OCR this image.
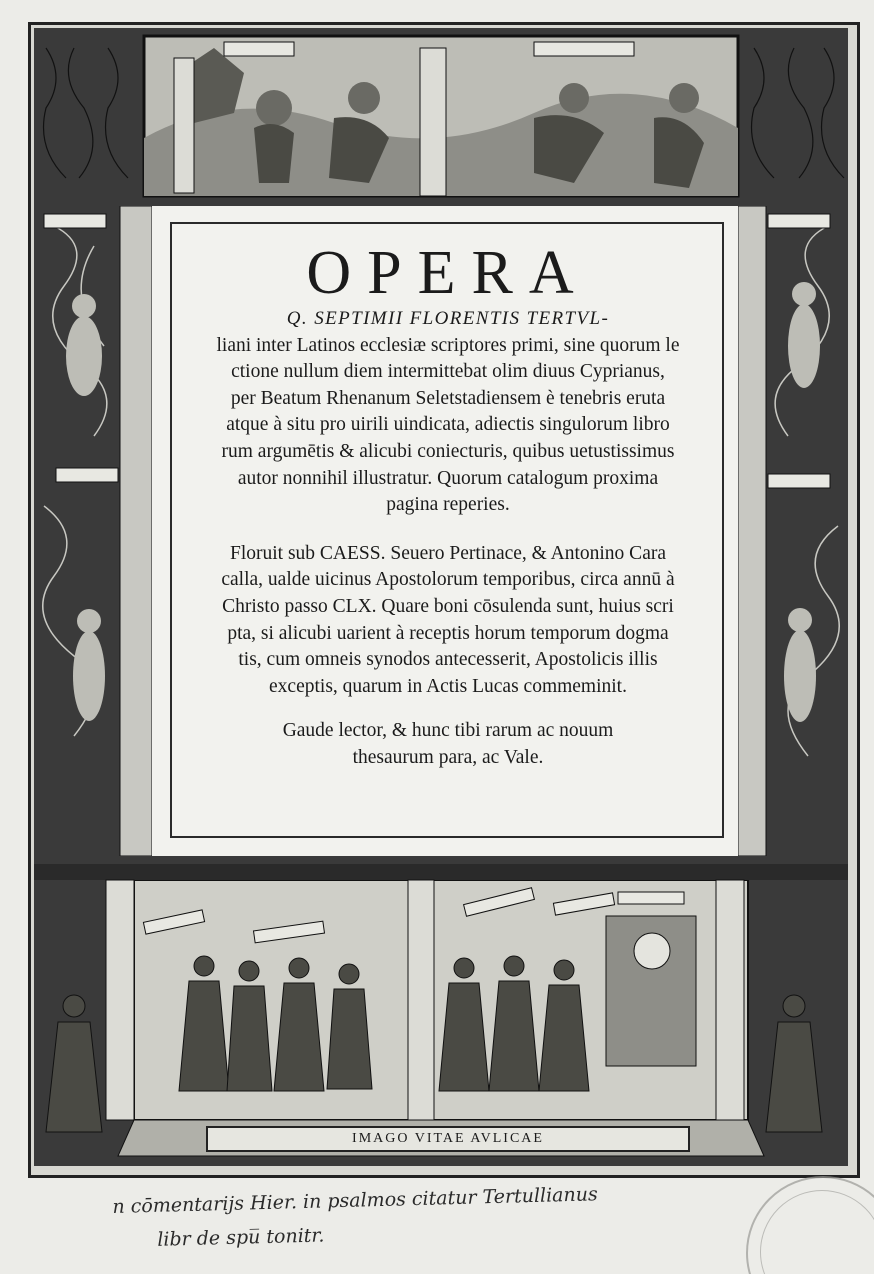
OPERA

Q. SEPTIMII FLORENTIS TERTVL-

liani inter Latinos ecclesiæ scriptores primi, sine quorum le

ctione nullum diem intermittebat olim diuus Cyprianus,

per Beatum Rhenanum Seletstadiensem è tenebris eruta

atque à situ pro uirili uindicata, adiectis singulorum libro

rum argumētis & alicubi coniecturis, quibus uetustissimus

autor nonnihil illustratur. Quorum catalogum proxima

pagina reperies.

Floruit sub CAESS. Seuero Pertinace, & Antonino Cara

calla, ualde uicinus Apostolorum temporibus, circa annū à

Christo passo CLX. Quare boni cōsulenda sunt, huius scri

pta, si alicubi uarient à receptis horum temporum dogma

tis, cum omneis synodos antecesserit, Apostolicis illis

exceptis, quarum in Actis Lucas commeminit.

Gaude lector, & hunc tibi rarum ac nouum

thesaurum para, ac Vale.

IMAGO VITAE AVLICAE
n cōmentarijs Hier. in psalmos citatur Tertullianus
libr de spu̅ tonitr.
